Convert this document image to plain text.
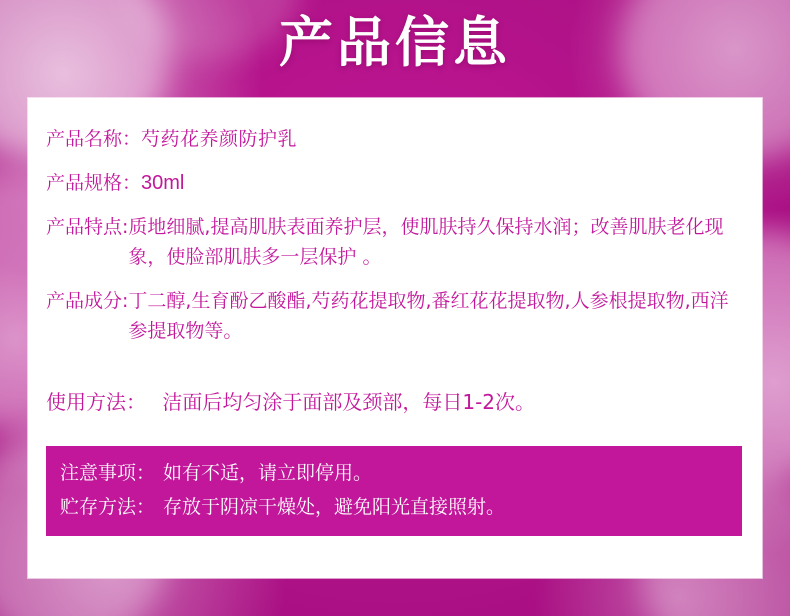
产品信息
产品名称： 芍药花养颜防护乳
产品规格： 30ml
产品特点: 质地细腻,提高肌肤表面养护层，使肌肤持久保持水润；改善肌肤老化现象，使脸部肌肤多一层保护 。
产品成分: 丁二醇,生育酚乙酸酯,芍药花提取物,番红花花提取物,人参根提取物,西洋参提取物等。
使用方法： 洁面后均匀涂于面部及颈部，每日1-2次。
注意事项： 如有不适，请立即停用。
贮存方法： 存放于阴凉干燥处，避免阳光直接照射。
